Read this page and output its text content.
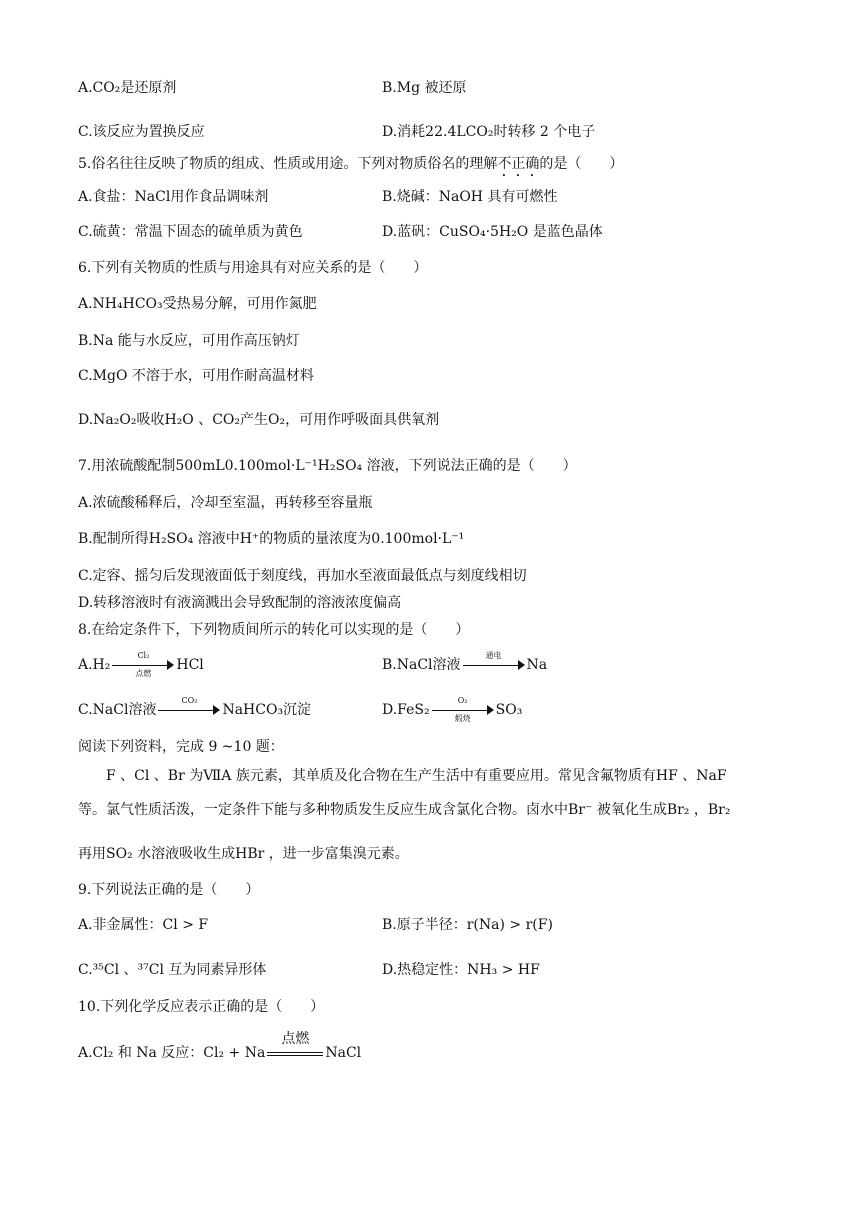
A.CO₂是还原剂	B.Mg 被还原
C.该反应为置换反应	D.消耗22.4LCO₂时转移 2 个电子
5.俗名往往反映了物质的组成、性质或用途。下列对物质俗名的理解不正确的是（　　）
A.食盐：NaCl用作食品调味剂	B.烧碱：NaOH 具有可燃性
C.硫黄：常温下固态的硫单质为黄色	D.蓝矾：CuSO₄·5H₂O 是蓝色晶体
6.下列有关物质的性质与用途具有对应关系的是（　　）
A.NH₄HCO₃受热易分解，可用作氮肥
B.Na 能与水反应，可用作高压钠灯
C.MgO 不溶于水，可用作耐高温材料
D.Na₂O₂吸收H₂O 、CO₂产生O₂，可用作呼吸面具供氧剂
7.用浓硫酸配制500mL0.100mol·L⁻¹H₂SO₄ 溶液，下列说法正确的是（　　）
A.浓硫酸稀释后，冷却至室温，再转移至容量瓶
B.配制所得H₂SO₄ 溶液中H⁺的物质的量浓度为0.100mol·L⁻¹
C.定容、摇匀后发现液面低于刻度线，再加水至液面最低点与刻度线相切
D.转移溶液时有液滴溅出会导致配制的溶液浓度偏高
8.在给定条件下，下列物质间所示的转化可以实现的是（　　）
A.H₂
Cl₂
点燃
HCl	B.NaCl溶液
通电
Na
C.NaCl溶液
CO₂
NaHCO₃沉淀	D.FeS₂
O₂
煅烧
SO₃
阅读下列资料，完成 9 ~10 题：
F 、Cl 、Br 为ⅦA 族元素，其单质及化合物在生产生活中有重要应用。常见含氟物质有HF 、NaF
等。氯气性质活泼，一定条件下能与多种物质发生反应生成含氯化合物。卤水中Br⁻ 被氧化生成Br₂ ，Br₂
再用SO₂ 水溶液吸收生成HBr ，进一步富集溴元素。
9.下列说法正确的是（　　）
A.非金属性：Cl > F	B.原子半径：r(Na) > r(F)
C.³⁵Cl 、³⁷Cl 互为同素异形体	D.热稳定性：NH₃ > HF
10.下列化学反应表示正确的是（　　）
A.Cl₂ 和 Na 反应：Cl₂ + Na
点燃
NaCl
